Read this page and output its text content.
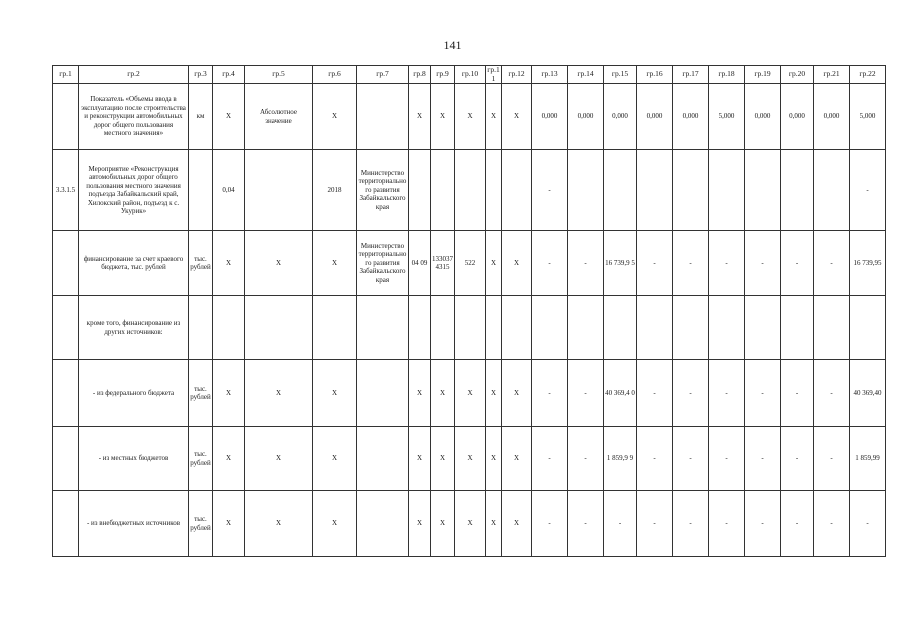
141
гр.1	гр.2	гр.3	гр.4	гр.5	гр.6	гр.7	гр.8	гр.9	гр.10	гр.11	гр.12	гр.13	гр.14	гр.15	гр.16	гр.17	гр.18	гр.19	гр.20	гр.21	гр.22
	Показатель «Объемы ввода в эксплуатацию после строительства и реконструкции автомобильных дорог общего пользования местного значения»	км	X	Абсолютное значение	X		X	X	X	X	X	0,000	0,000	0,000	0,000	0,000	5,000	0,000	0,000	0,000	5,000
3.3.1.5	Мероприятие «Реконструкция автомобильных дорог общего пользования местного значения подъезда Забайкальский край, Хилокский район, подъезд к с. Укурик»		0,04		2018	Министерство территориального развития Забайкальского края						-									-
	финансирование за счет краевого бюджета, тыс. рублей	тыс. рублей	X	X	X	Министерство территориального развития Забайкальского края	04 09	133037 4315	522	X	X	-	-	16 739,9 5	-	-	-	-	-	-	16 739,95
	кроме того, финансирование из других источников:																				
	- из федерального бюджета	тыс. рублей	X	X	X		X	X	X	X	X	-	-	40 369,4 0	-	-	-	-	-	-	40 369,40
	- из местных бюджетов	тыс. рублей	X	X	X		X	X	X	X	X	-	-	1 859,9 9	-	-	-	-	-	-	1 859,99
	- из внебюджетных источников	тыс. рублей	X	X	X		X	X	X	X	X	-	-	-	-	-	-	-	-	-	-
